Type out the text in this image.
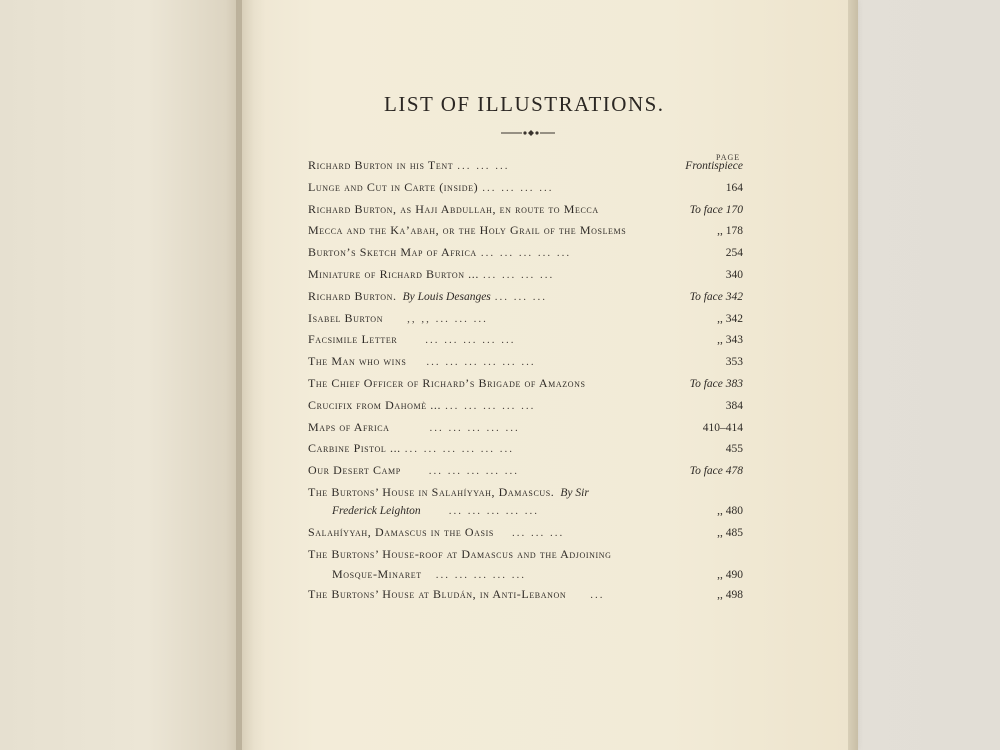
LIST OF ILLUSTRATIONS.
PAGE
Richard Burton in his Tent ... ... ...	Frontispiece
Lunge and Cut in Carte (inside) ... ... ... ...	164
Richard Burton, as Haji Abdullah, en route to Mecca	To face 170
Mecca and the Ka’abah, or the Holy Grail of the Moslems	,, 178
Burton’s Sketch Map of Africa ... ... ... ... ...	254
Miniature of Richard Burton ... ... ... ... ...	340
Richard Burton. By Louis Desanges ... ... ...	To face 342
Isabel Burton	,, ,, ... ... ...	,, 342
Facsimile Letter	... ... ... ... ...	,, 343
The Man who wins	... ... ... ... ... ...	353
The Chief Officer of Richard’s Brigade of Amazons	To face 383
Crucifix from Dahomè ... ... ... ... ... ...	384
Maps of Africa	... ... ... ... ...	410–414
Carbine Pistol ... ... ... ... ... ... ...	455
Our Desert Camp	... ... ... ... ...	To face 478
The Burtons’ House in Salahíyyah, Damascus. By Sir
Frederick Leighton	... ... ... ... ...	,, 480
Salahíyyah, Damascus in the Oasis	... ... ...	,, 485
The Burtons’ House-roof at Damascus and the Adjoining
Mosque-Minaret	... ... ... ... ...	,, 490
The Burtons’ House at Bludán, in Anti-Lebanon	...	,, 498
